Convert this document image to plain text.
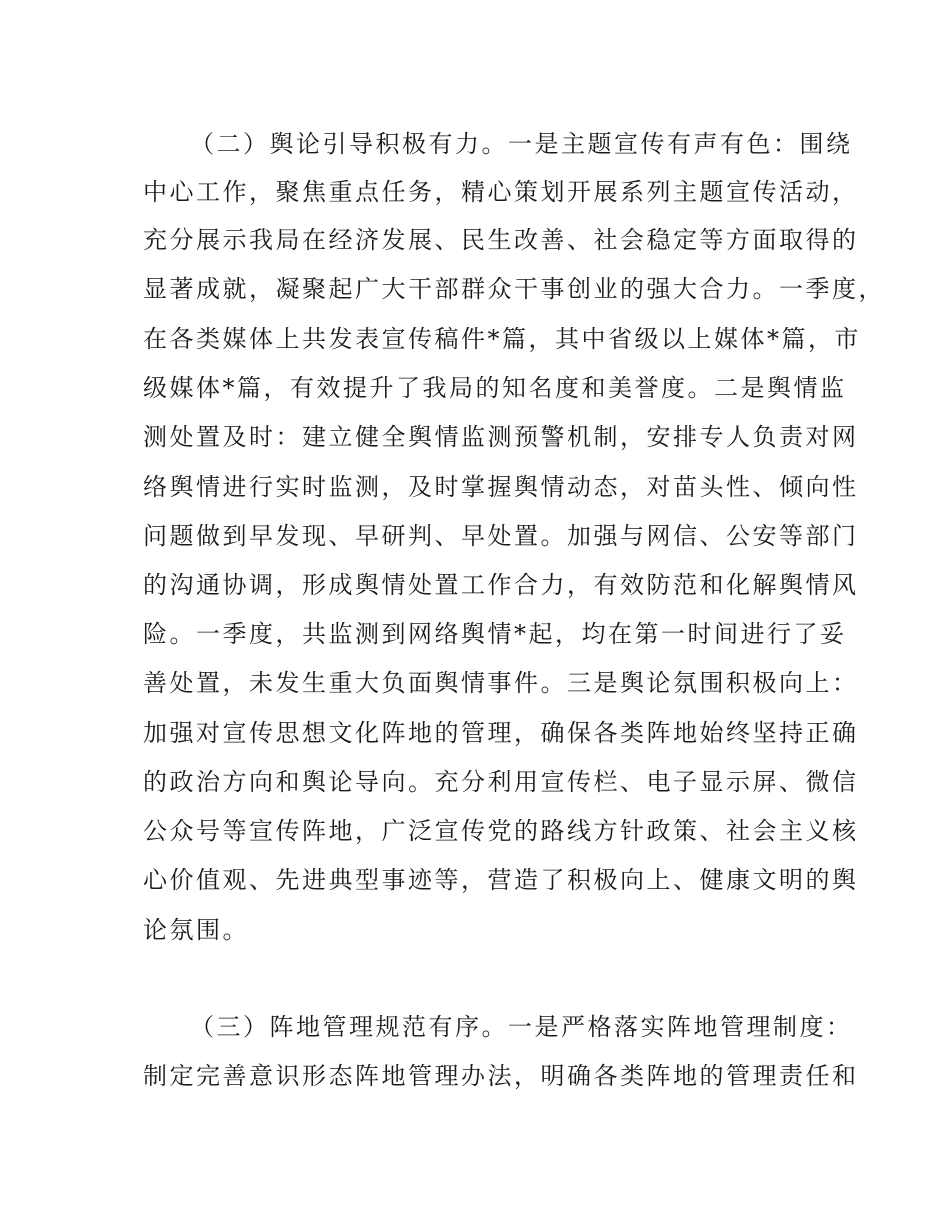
（二）舆论引导积极有力。一是主题宣传有声有色：围绕
中心工作，聚焦重点任务，精心策划开展系列主题宣传活动，
充分展示我局在经济发展、民生改善、社会稳定等方面取得的
显著成就，凝聚起广大干部群众干事创业的强大合力。一季度，
在各类媒体上共发表宣传稿件*篇，其中省级以上媒体*篇，市
级媒体*篇，有效提升了我局的知名度和美誉度。二是舆情监
测处置及时：建立健全舆情监测预警机制，安排专人负责对网
络舆情进行实时监测，及时掌握舆情动态，对苗头性、倾向性
问题做到早发现、早研判、早处置。加强与网信、公安等部门
的沟通协调，形成舆情处置工作合力，有效防范和化解舆情风
险。一季度，共监测到网络舆情*起，均在第一时间进行了妥
善处置，未发生重大负面舆情事件。三是舆论氛围积极向上：
加强对宣传思想文化阵地的管理，确保各类阵地始终坚持正确
的政治方向和舆论导向。充分利用宣传栏、电子显示屏、微信
公众号等宣传阵地，广泛宣传党的路线方针政策、社会主义核
心价值观、先进典型事迹等，营造了积极向上、健康文明的舆
论氛围。
（三）阵地管理规范有序。一是严格落实阵地管理制度：
制定完善意识形态阵地管理办法，明确各类阵地的管理责任和
